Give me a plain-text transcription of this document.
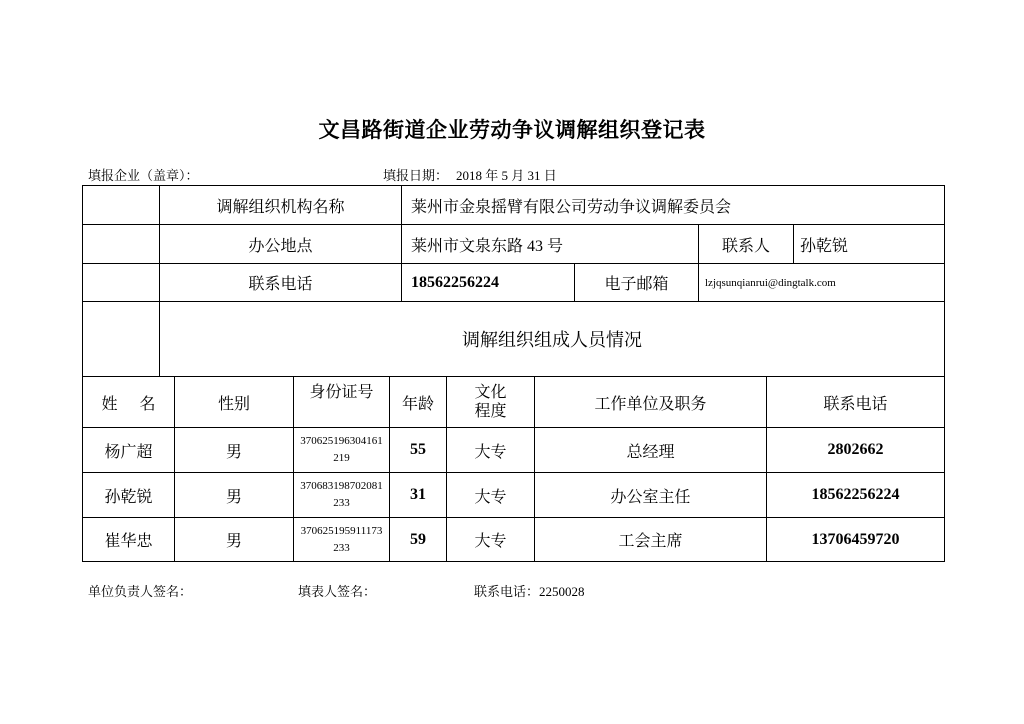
文昌路街道企业劳动争议调解组织登记表
填报企业（盖章）：	填报日期： 2018 年 5 月 31 日
	调解组织机构名称	莱州市金泉摇臂有限公司劳动争议调解委员会			
	办公地点	莱州市文泉东路 43 号		联系人	孙乾锐
	联系电话	18562256224	电子邮箱	lzjqsunqianrui@dingtalk.com	
	调解组织组成人员情况				
姓 名	性别	身份证号	年龄	文化程度	工作单位及职务	联系电话
杨广超	男	370625196304161219	55	大专	总经理	2802662
孙乾锐	男	370683198702081233	31	大专	办公室主任	18562256224
崔华忠	男	370625195911173233	59	大专	工会主席	13706459720
单位负责人签名：	填表人签名：	联系电话：2250028
